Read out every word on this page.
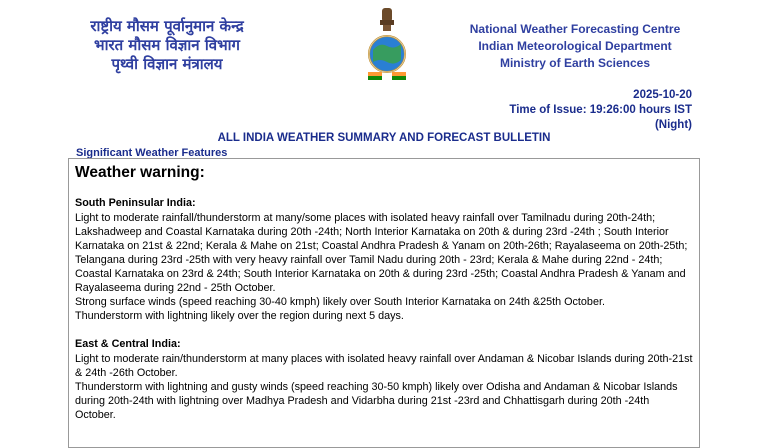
राष्ट्रीय मौसम पूर्वानुमान केन्द्र
भारत मौसम विज्ञान विभाग
पृथ्वी विज्ञान मंत्रालय
National Weather Forecasting Centre
Indian Meteorological Department
Ministry of Earth Sciences
2025-10-20
Time of Issue: 19:26:00 hours IST
(Night)
ALL INDIA WEATHER SUMMARY AND FORECAST BULLETIN
Significant Weather Features
Weather warning:
South Peninsular India:

Light to moderate rainfall/thunderstorm at many/some places with isolated heavy rainfall over Tamilnadu during 20th-24th; Lakshadweep and Coastal Karnataka during 20th -24th; North Interior Karnataka on 20th & during 23rd -24th ; South Interior Karnataka on 21st & 22nd; Kerala & Mahe on 21st; Coastal Andhra Pradesh & Yanam on 20th-26th; Rayalaseema on 20th-25th; Telangana during 23rd -25th with very heavy rainfall over Tamil Nadu during 20th - 23rd; Kerala & Mahe during 22nd - 24th; Coastal Karnataka on 23rd & 24th; South Interior Karnataka on 20th & during 23rd -25th; Coastal Andhra Pradesh & Yanam and Rayalaseema during 22nd - 25th October.

Strong surface winds (speed reaching 30-40 kmph) likely over South Interior Karnataka on 24th &25th October.

Thunderstorm with lightning likely over the region during next 5 days.

East & Central India:

Light to moderate rain/thunderstorm at many places with isolated heavy rainfall over Andaman & Nicobar Islands during 20th-21st & 24th -26th October.

Thunderstorm with lightning and gusty winds (speed reaching 30-50 kmph) likely over Odisha and Andaman & Nicobar Islands during 20th-24th with lightning over Madhya Pradesh and Vidarbha during 21st -23rd and Chhattisgarh during 20th -24th October.
